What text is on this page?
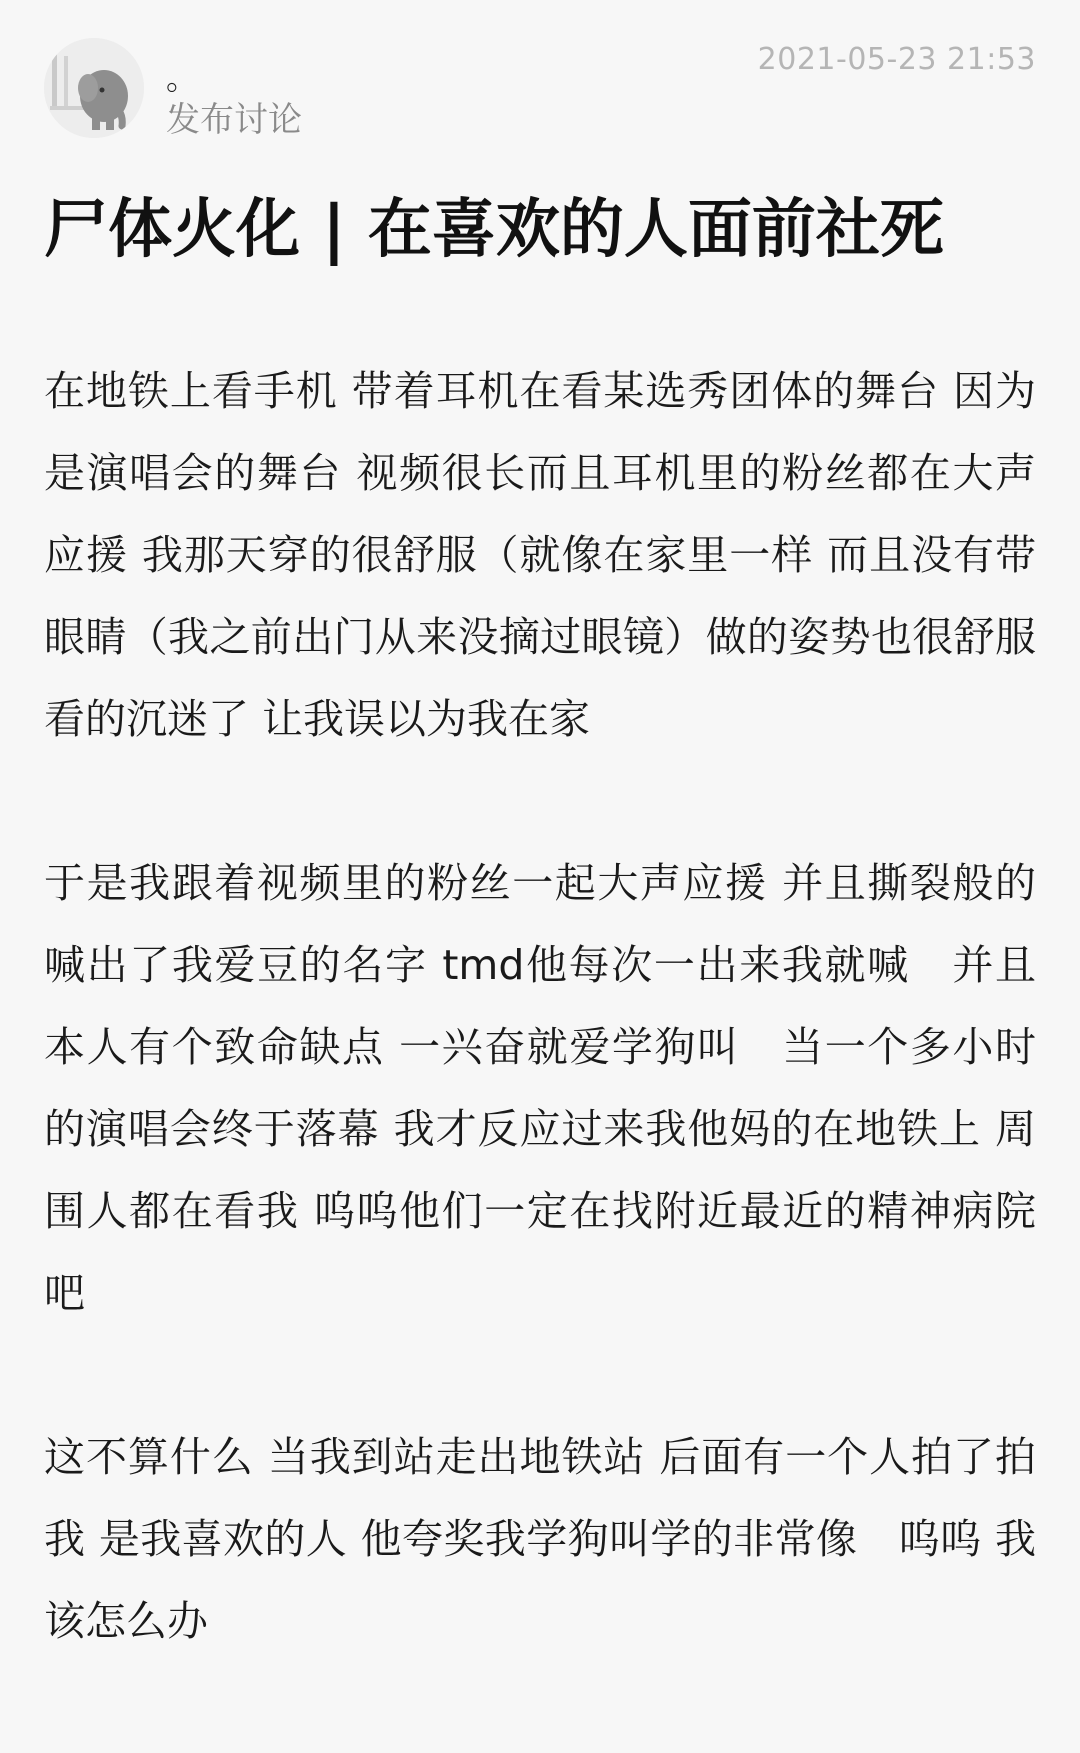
。
发布讨论
2021-05-23 21:53
尸体火化 | 在喜欢的人面前社死

在地铁上看手机 带着耳机在看某选秀团体的舞台 因为是演唱会的舞台 视频很长而且耳机里的粉丝都在大声应援 我那天穿的很舒服（就像在家里一样 而且没有带眼睛（我之前出门从来没摘过眼镜）做的姿势也很舒服 看的沉迷了 让我误以为我在家

于是我跟着视频里的粉丝一起大声应援 并且撕裂般的喊出了我爱豆的名字 tmd他每次一出来我就喊　并且 本人有个致命缺点 一兴奋就爱学狗叫　当一个多小时的演唱会终于落幕 我才反应过来我他妈的在地铁上 周围人都在看我 呜呜他们一定在找附近最近的精神病院吧

这不算什么 当我到站走出地铁站 后面有一个人拍了拍我 是我喜欢的人 他夸奖我学狗叫学的非常像　呜呜 我该怎么办
